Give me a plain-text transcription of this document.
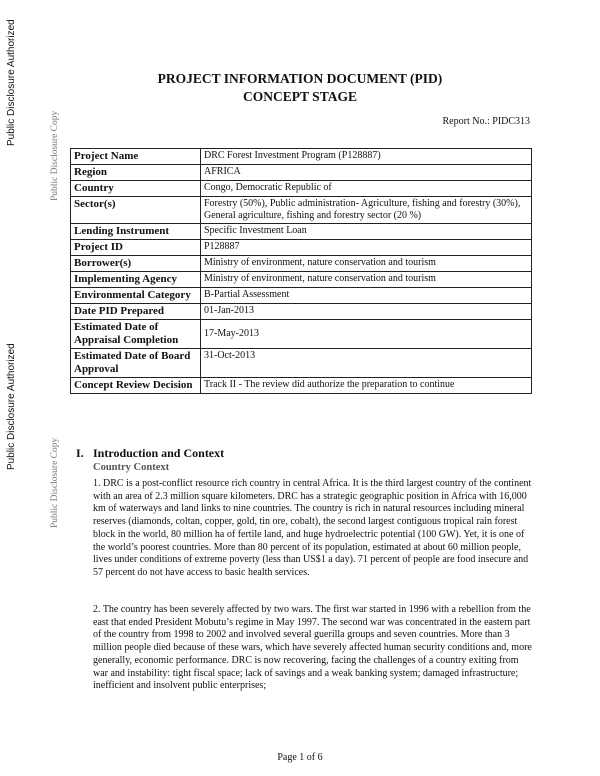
Public Disclosure Authorized
Public Disclosure Copy
Public Disclosure Authorized
Public Disclosure Copy
PROJECT INFORMATION DOCUMENT (PID)
CONCEPT STAGE
Report No.: PIDC313
Project Name	DRC Forest Investment Program (P128887)
Region	AFRICA
Country	Congo, Democratic Republic of
Sector(s)	Forestry (50%), Public administration- Agriculture, fishing and forestry (30%), General agriculture, fishing and forestry sector (20 %)
Lending Instrument	Specific Investment Loan
Project ID	P128887
Borrower(s)	Ministry of environment, nature conservation and tourism
Implementing Agency	Ministry of environment, nature conservation and tourism
Environmental Category	B-Partial Assessment
Date PID Prepared	01-Jan-2013
Estimated Date of Appraisal Completion	17-May-2013
Estimated Date of Board Approval	31-Oct-2013
Concept Review Decision	Track II - The review did authorize the preparation to continue
I. Introduction and Context
Country Context

1. DRC is a post-conflict resource rich country in central Africa. It is the third largest country of the continent with an area of 2.3 million square kilometers. DRC has a strategic geographic position in Africa with 16,000 km of waterways and land links to nine countries. The country is rich in natural resources including mineral reserves (diamonds, coltan, copper, gold, tin ore, cobalt), the second largest contiguous tropical rain forest block in the world, 80 million ha of fertile land, and huge hydroelectric potential (100 GW). Yet, it is one of the world’s poorest countries. More than 80 percent of its population, estimated at about 60 million people, lives under conditions of extreme poverty (less than US$1 a day). 71 percent of people are food insecure and 57 percent do not have access to basic health services.

2. The country has been severely affected by two wars. The first war started in 1996 with a rebellion from the east that ended President Mobutu’s regime in May 1997. The second war was concentrated in the eastern part of the country from 1998 to 2002 and involved several guerilla groups and seven countries. More than 3 million people died because of these wars, which have severely affected human security conditions and, more generally, economic performance. DRC is now recovering, facing the challenges of a country exiting from war and instability: tight fiscal space; lack of savings and a weak banking system; damaged infrastructure; inefficient and insolvent public enterprises;

Page 1 of 6
